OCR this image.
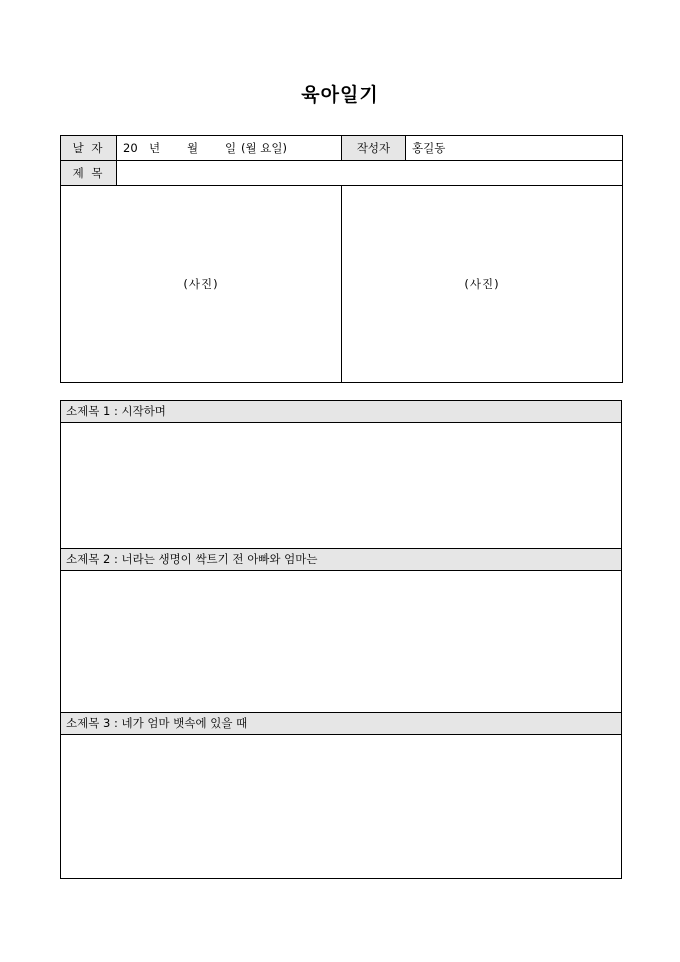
육아일기
날 자	20 년 월 일 (월 요일)	작성자	홍길동
제 목			
(사진)		(사진)	
소제목 1 : 시작하며
소제목 2 : 너라는 생명이 싹트기 전 아빠와 엄마는
소제목 3 : 네가 엄마 뱃속에 있을 때
